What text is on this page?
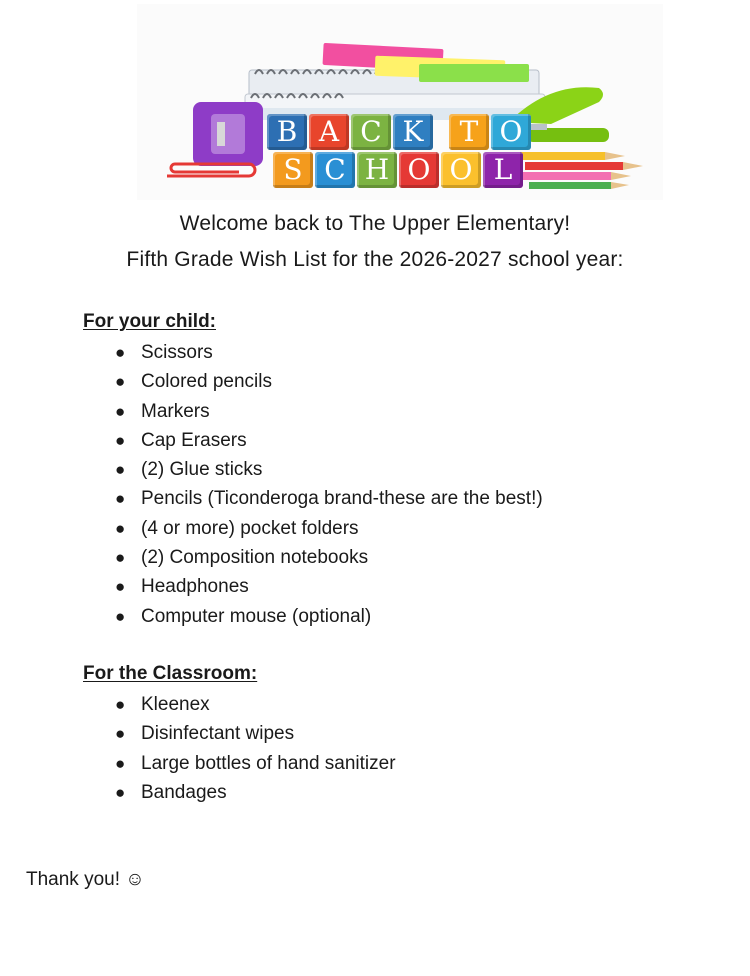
B A C K	T O
S C H O O L
Welcome back to The Upper Elementary!
Fifth Grade Wish List for the 2026-2027 school year:
For your child:
● Scissors
● Colored pencils
● Markers
● Cap Erasers
● (2) Glue sticks
● Pencils (Ticonderoga brand-these are the best!)
● (4 or more) pocket folders
● (2) Composition notebooks
● Headphones
● Computer mouse (optional)
For the Classroom:
● Kleenex
● Disinfectant wipes
● Large bottles of hand sanitizer
● Bandages

Thank you! ☺
